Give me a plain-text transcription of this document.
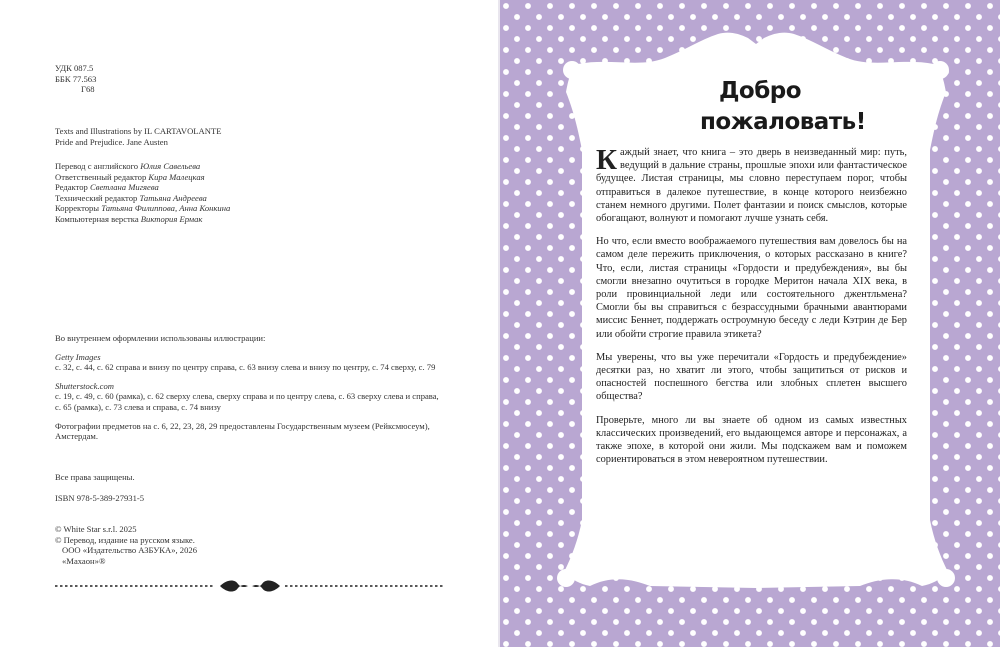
УДК 087.5
ББК 77.563
Г68
Texts and Illustrations by IL CARTAVOLANTE
Pride and Prejudice. Jane Austen
Перевод с английского Юлия Савельева
Ответственный редактор Кира Малецкая
Редактор Светлана Мигяева
Технический редактор Татьяна Андреева
Корректоры Татьяна Филиппова, Анна Конкина
Компьютерная верстка Виктория Ермак
Во внутреннем оформлении использованы иллюстрации:
Getty Images
с. 32, с. 44, с. 62 справа и внизу по центру справа, с. 63 внизу слева и внизу по центру, с. 74 сверху, с. 79
Shutterstock.com
с. 19, с. 49, с. 60 (рамка), с. 62 сверху слева, сверху справа и по центру слева, с. 63 сверху слева и справа,
с. 65 (рамка), с. 73 слева и справа, с. 74 внизу
Фотографии предметов на с. 6, 22, 23, 28, 29 предоставлены Государственным музеем (Рейксмюсеум),
Амстердам.
Все права защищены.
ISBN 978-5-389-27931-5
© White Star s.r.l. 2025
© Перевод, издание на русском языке.
ООО «Издательство АЗБУКА», 2026
«Махаон»®
Добро
пожаловать!

Каждый знает, что книга – это дверь в неизведанный мир: путь, ведущий в дальние страны, прошлые эпохи или фантастическое будущее. Листая страницы, мы словно переступаем порог, чтобы отправиться в далекое путешествие, в конце которого неизбежно станем немного другими. Полет фантазии и поиск смыслов, которые обогащают, волнуют и помогают лучше узнать себя.

Но что, если вместо воображаемого путешествия вам довелось бы на самом деле пережить приключения, о которых рассказано в книге? Что, если, листая страницы «Гордости и предубеждения», вы бы смогли внезапно очутиться в городке Меритон начала XIX века, в роли провинциальной леди или состоятельного джентльмена? Смогли бы вы справиться с безрассудными брачными авантюрами миссис Беннет, поддержать остроумную беседу с леди Кэтрин де Бер или обойти строгие правила этикета?

Мы уверены, что вы уже перечитали «Гордость и предубеждение» десятки раз, но хватит ли этого, чтобы защититься от рисков и опасностей поспешного бегства или злобных сплетен высшего общества?

Проверьте, много ли вы знаете об одном из самых известных классических произведений, его выдающемся авторе и персонажах, а также эпохе, в которой они жили. Мы подскажем вам и поможем сориентироваться в этом невероятном путешествии.
